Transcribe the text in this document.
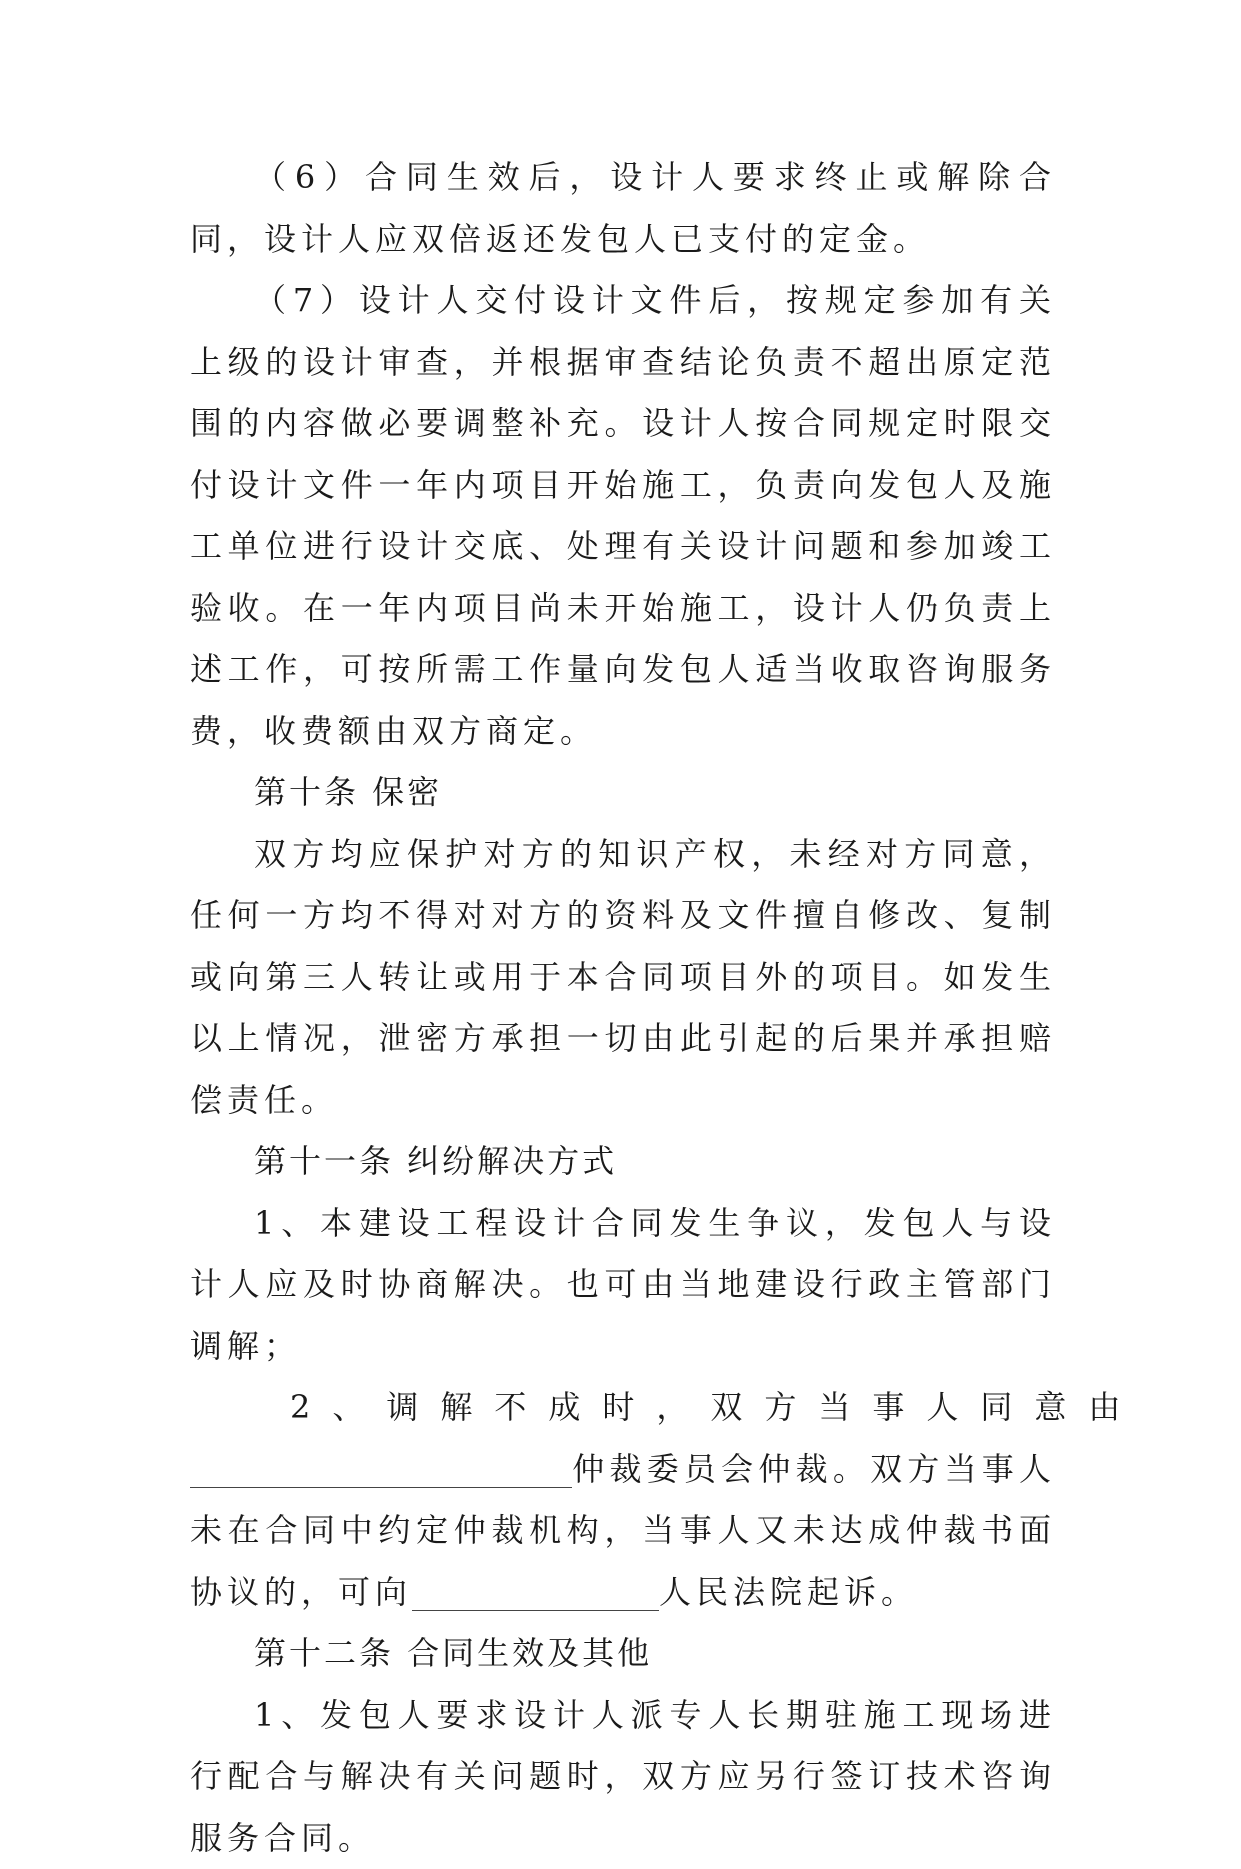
（6）合同生效后，设计人要求终止或解除合同，设计人应双倍返还发包人已支付的定金。

（7）设计人交付设计文件后，按规定参加有关上级的设计审查，并根据审查结论负责不超出原定范围的内容做必要调整补充。设计人按合同规定时限交付设计文件一年内项目开始施工，负责向发包人及施工单位进行设计交底、处理有关设计问题和参加竣工验收。在一年内项目尚未开始施工，设计人仍负责上述工作，可按所需工作量向发包人适当收取咨询服务费，收费额由双方商定。

第十条 保密

双方均应保护对方的知识产权，未经对方同意，任何一方均不得对对方的资料及文件擅自修改、复制或向第三人转让或用于本合同项目外的项目。如发生以上情况，泄密方承担一切由此引起的后果并承担赔偿责任。

第十一条 纠纷解决方式

1、本建设工程设计合同发生争议，发包人与设计人应及时协商解决。也可由当地建设行政主管部门调解；

2、调解不成时，双方当事人同意由

仲裁委员会仲裁。双方当事人未在合同中约定仲裁机构，当事人又未达成仲裁书面协议的，可向	人民法院起诉。

第十二条 合同生效及其他

1、发包人要求设计人派专人长期驻施工现场进行配合与解决有关问题时，双方应另行签订技术咨询服务合同。
